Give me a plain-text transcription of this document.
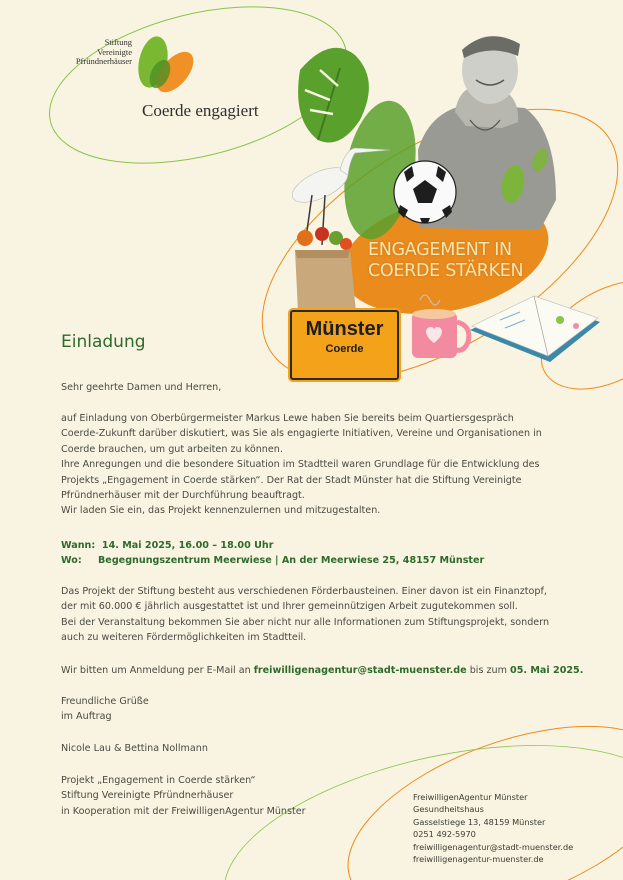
Stiftung
Vereinigte
Pfründnerhäuser
Coerde engagiert
ENGAGEMENT IN
COERDE STÄRKEN
Münster
Coerde
Einladung
Sehr geehrte Damen und Herren,
auf Einladung von Oberbürgermeister Markus Lewe haben Sie bereits beim Quartiersgespräch
Coerde-Zukunft darüber diskutiert, was Sie als engagierte Initiativen, Vereine und Organisationen in
Coerde brauchen, um gut arbeiten zu können.
Ihre Anregungen und die besondere Situation im Stadtteil waren Grundlage für die Entwicklung des
Projekts „Engagement in Coerde stärken“. Der Rat der Stadt Münster hat die Stiftung Vereinigte
Pfründnerhäuser mit der Durchführung beauftragt.
Wir laden Sie ein, das Projekt kennenzulernen und mitzugestalten.
Wann: 14. Mai 2025, 16.00 – 18.00 Uhr
Wo: Begegnungszentrum Meerwiese | An der Meerwiese 25, 48157 Münster
Das Projekt der Stiftung besteht aus verschiedenen Förderbausteinen. Einer davon ist ein Finanztopf,
der mit 60.000 € jährlich ausgestattet ist und Ihrer gemeinnützigen Arbeit zugutekommen soll.
Bei der Veranstaltung bekommen Sie aber nicht nur alle Informationen zum Stiftungsprojekt, sondern
auch zu weiteren Fördermöglichkeiten im Stadtteil.
Wir bitten um Anmeldung per E-Mail an freiwilligenagentur@stadt-muenster.de bis zum 05. Mai 2025.
Freundliche Grüße
im Auftrag
Nicole Lau & Bettina Nollmann
Projekt „Engagement in Coerde stärken“
Stiftung Vereinigte Pfründnerhäuser
in Kooperation mit der FreiwilligenAgentur Münster
FreiwilligenAgentur Münster
Gesundheitshaus
Gasselstiege 13, 48159 Münster
0251 492-5970
freiwilligenagentur@stadt-muenster.de
freiwilligenagentur-muenster.de
